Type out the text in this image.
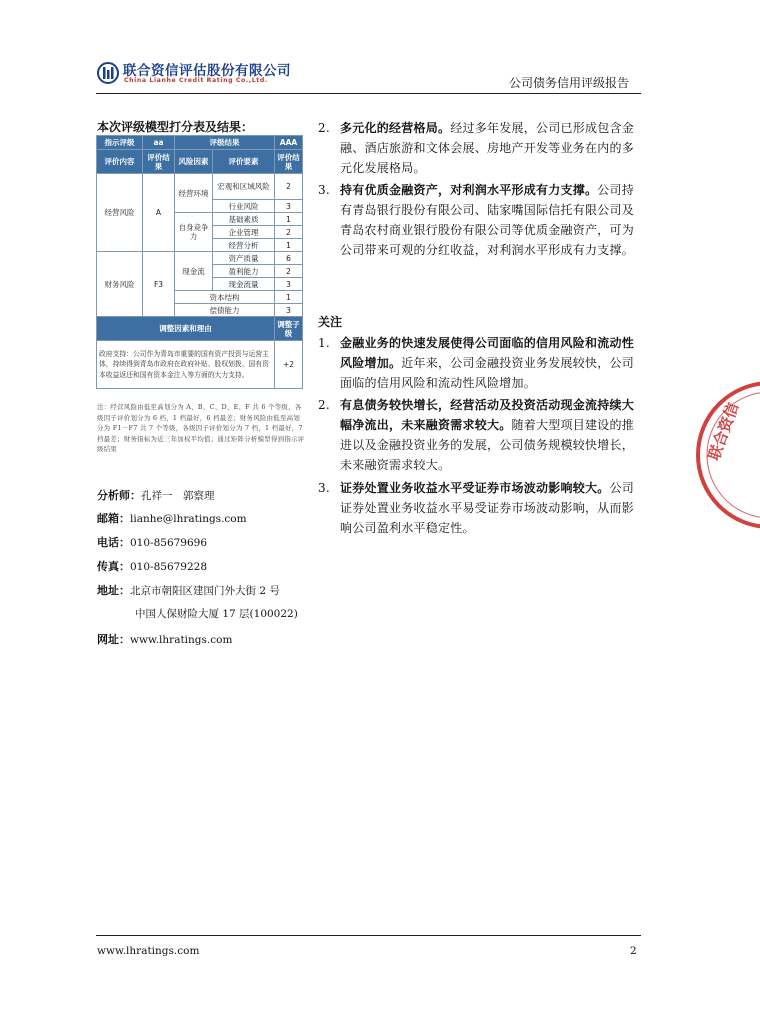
联合资信评估股份有限公司
China Lianhe Credit Rating Co.,Ltd.	公司债务信用评级报告
本次评级模型打分表及结果：
指示评级	aa	评级结果		AAA
评价内容	评价结果	风险因素	评价要素	评价结果
经营风险	A	经营环境	宏观和区域风险	2
			行业风险	3
		自身竞争力	基础素质	1
			企业管理	2
			经营分析	1
财务风险	F3	现金流	资产质量	6
			盈利能力	2
			现金流量	3
		资本结构		1
		偿债能力		3
调整因素和理由				调整子级
政府支持：公司作为青岛市重要的国有资产投资与运营主体，持续得到青岛市政府在政府补贴、股权划拨、国有资本收益返还和国有资本金注入等方面的大力支持。				+2
注：经营风险由低至高划分为 A、B、C、D、E、F 共 6 个等级，各级因子评价划分为 6 档，1 档最好，6 档最差；财务风险由低至高划分为 F1－F7 共 7 个等级，各级因子评价划分为 7 档，1 档最好，7 档最差；财务指标为近三年加权平均值；通过矩阵分析模型得到指示评级结果
分析师：孔祥一　郭察理
邮箱：lianhe@lhratings.com
电话：010-85679696
传真：010-85679228
地址：北京市朝阳区建国门外大街 2 号
中国人保财险大厦 17 层(100022)
网址：www.lhratings.com
2. 多元化的经营格局。经过多年发展，公司已形成包含金融、酒店旅游和文体会展、房地产开发等业务在内的多元化发展格局。
3. 持有优质金融资产，对利润水平形成有力支撑。公司持有青岛银行股份有限公司、陆家嘴国际信托有限公司及青岛农村商业银行股份有限公司等优质金融资产，可为公司带来可观的分红收益，对利润水平形成有力支撑。
关注
1. 金融业务的快速发展使得公司面临的信用风险和流动性风险增加。近年来，公司金融投资业务发展较快，公司面临的信用风险和流动性风险增加。
2. 有息债务较快增长，经营活动及投资活动现金流持续大幅净流出，未来融资需求较大。随着大型项目建设的推进以及金融投资业务的发展，公司债务规模较快增长，未来融资需求较大。
3. 证券处置业务收益水平受证券市场波动影响较大。公司证券处置业务收益水平易受证券市场波动影响，从而影响公司盈利水平稳定性。
联合资信
www.lhratings.com	2
